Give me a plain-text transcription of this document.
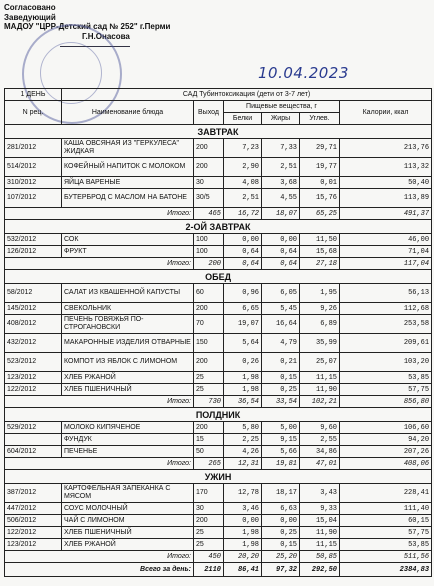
Согласовано
Заведующий
МАДОУ "ЦРР-Детский сад № 252" г.Перми
Г.Н.Онасова
10.04.2023
1 ДЕНЬ	САД Тубинтоксикация (дети от 3-7 лет)					
N рец.	Наименование блюда	Выход	Пищевые вещества, г			Калории, ккал
			Белки	Жиры	Углев.	
ЗАВТРАК						
281/2012	КАША ОВСЯНАЯ ИЗ "ГЕРКУЛЕСА" ЖИДКАЯ	200	7,23	7,33	29,71	213,76
514/2012	КОФЕЙНЫЙ НАПИТОК С МОЛОКОМ	200	2,90	2,51	19,77	113,32
310/2012	ЯЙЦА ВАРЕНЫЕ	30	4,08	3,68	0,01	50,40
107/2012	БУТЕРБРОД С МАСЛОМ НА БАТОНЕ	30/5	2,51	4,55	15,76	113,89
Итого:		465	16,72	18,07	65,25	491,37
2-ОЙ ЗАВТРАК						
532/2012	СОК	100	0,00	0,00	11,50	46,00
126/2012	ФРУКТ	100	0,64	0,64	15,68	71,04
Итого:		200	0,64	0,64	27,18	117,04
ОБЕД						
58/2012	САЛАТ ИЗ КВАШЕННОЙ КАПУСТЫ	60	0,96	6,05	1,95	56,13
145/2012	СВЕКОЛЬНИК	200	6,65	5,45	9,26	112,68
408/2012	ПЕЧЕНЬ ГОВЯЖЬЯ ПО-СТРОГАНОВСКИ	70	19,07	16,64	6,89	253,58
432/2012	МАКАРОННЫЕ ИЗДЕЛИЯ ОТВАРНЫЕ	150	5,64	4,79	35,99	209,61
523/2012	КОМПОТ ИЗ ЯБЛОК С ЛИМОНОМ	200	0,26	0,21	25,07	103,20
123/2012	ХЛЕБ РЖАНОЙ	25	1,98	0,15	11,15	53,85
122/2012	ХЛЕБ ПШЕНИЧНЫЙ	25	1,98	0,25	11,90	57,75
Итого:		730	36,54	33,54	102,21	856,80
ПОЛДНИК						
529/2012	МОЛОКО КИПЯЧЕНОЕ	200	5,80	5,00	9,60	106,60
	ФУНДУК	15	2,25	9,15	2,55	94,20
604/2012	ПЕЧЕНЬЕ	50	4,26	5,66	34,86	207,26
Итого:		265	12,31	19,81	47,01	408,06
УЖИН						
387/2012	КАРТОФЕЛЬНАЯ ЗАПЕКАНКА С МЯСОМ	170	12,78	18,17	3,43	228,41
447/2012	СОУС МОЛОЧНЫЙ	30	3,46	6,63	9,33	111,40
506/2012	ЧАЙ С ЛИМОНОМ	200	0,00	0,00	15,04	60,15
122/2012	ХЛЕБ ПШЕНИЧНЫЙ	25	1,98	0,25	11,90	57,75
123/2012	ХЛЕБ РЖАНОЙ	25	1,98	0,15	11,15	53,85
Итого:		450	20,20	25,20	50,85	511,56
Всего за день:		2110	86,41	97,32	292,50	2384,83
